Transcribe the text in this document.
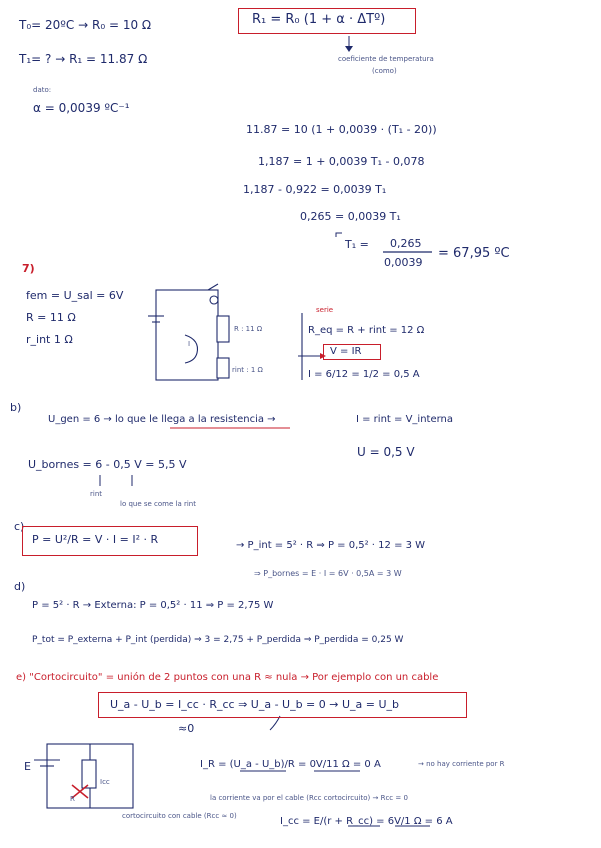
T₀= 20ºC → R₀ = 10 Ω
T₁= ? → R₁ = 11.87 Ω
dato:
α = 0,0039 ºC⁻¹
R₁ = R₀ (1 + α · ΔTº)
coeficiente de temperatura
(como)
11.87 = 10 (1 + 0,0039 · (T₁ - 20))
1,187 = 1 + 0,0039 T₁ - 0,078
1,187 - 0,922 = 0,0039 T₁
0,265 = 0,0039 T₁
T₁ = 0,265
0,0039
= 67,95 ºC
7)
fem = U_sal = 6V
R = 11 Ω
r_int 1 Ω
R : 11 Ω
rint : 1 Ω
I
serie
R_eq = R + rint = 12 Ω
V = IR
I = 6/12 = 1/2 = 0,5 A
b)
U_gen = 6 → lo que le llega a la resistencia →	I = rint = V_interna
U_bornes = 6 - 0,5 V = 5,5 V
rint
lo que se come la rint
U = 0,5 V
c)
P = U²/R = V · I = I² · R	→ P_int = 5² · R ⇒ P = 0,5² · 12 = 3 W
⇒ P_bornes = E · I = 6V · 0,5A = 3 W
d)
P = 5² · R → Externa: P = 0,5² · 11 ⇒ P = 2,75 W
P_tot = P_externa + P_int (perdida) ⇒ 3 = 2,75 + P_perdida ⇒ P_perdida = 0,25 W
e) "Cortocircuito" = unión de 2 puntos con una R ≈ nula → Por ejemplo con un cable
U_a - U_b = I_cc · R_cc ⇒ U_a - U_b = 0 → U_a = U_b
≈0
E
R
Icc
I_R = (U_a - U_b)/R = 0V/11 Ω = 0 A	→ no hay corriente por R
la corriente va por el cable (Rcc cortocircuito) → Rcc = 0
cortocircuito con cable (Rcc ≈ 0)	I_cc = E/(r + R_cc) = 6V/1 Ω = 6 A
